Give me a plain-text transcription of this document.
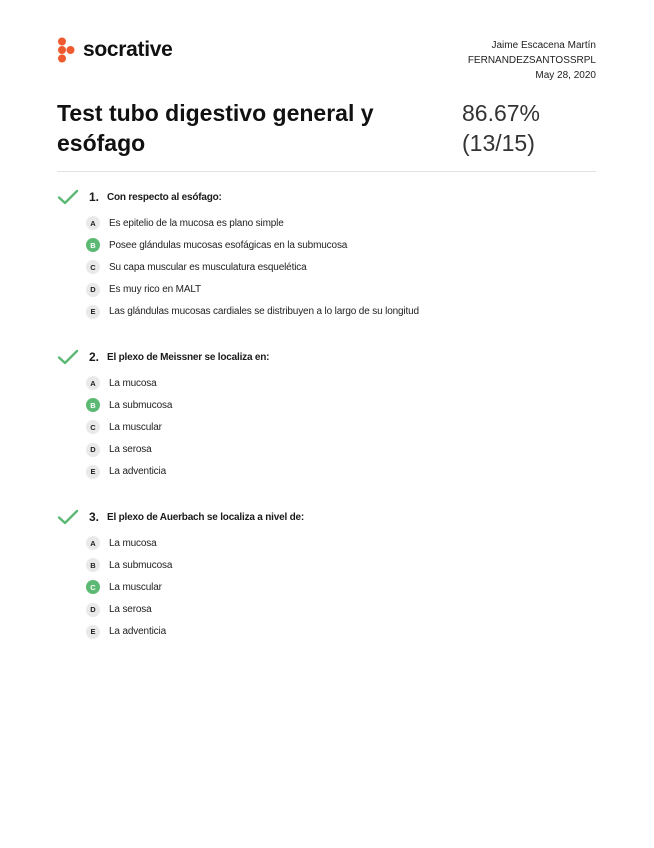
socrative	Jaime Escacena Martín
FERNANDEZSANTOSSRPL
May 28, 2020
Test tubo digestivo general y esófago
86.67%
(13/15)
1. Con respecto al esófago:
A	Es epitelio de la mucosa es plano simple
B	Posee glándulas mucosas esofágicas en la submucosa
C	Su capa muscular es musculatura esquelética
D	Es muy rico en MALT
E	Las glándulas mucosas cardiales se distribuyen a lo largo de su longitud
2. El plexo de Meissner se localiza en:
A	La mucosa
B	La submucosa
C	La muscular
D	La serosa
E	La adventicia
3. El plexo de Auerbach se localiza a nivel de:
A	La mucosa
B	La submucosa
C	La muscular
D	La serosa
E	La adventicia
